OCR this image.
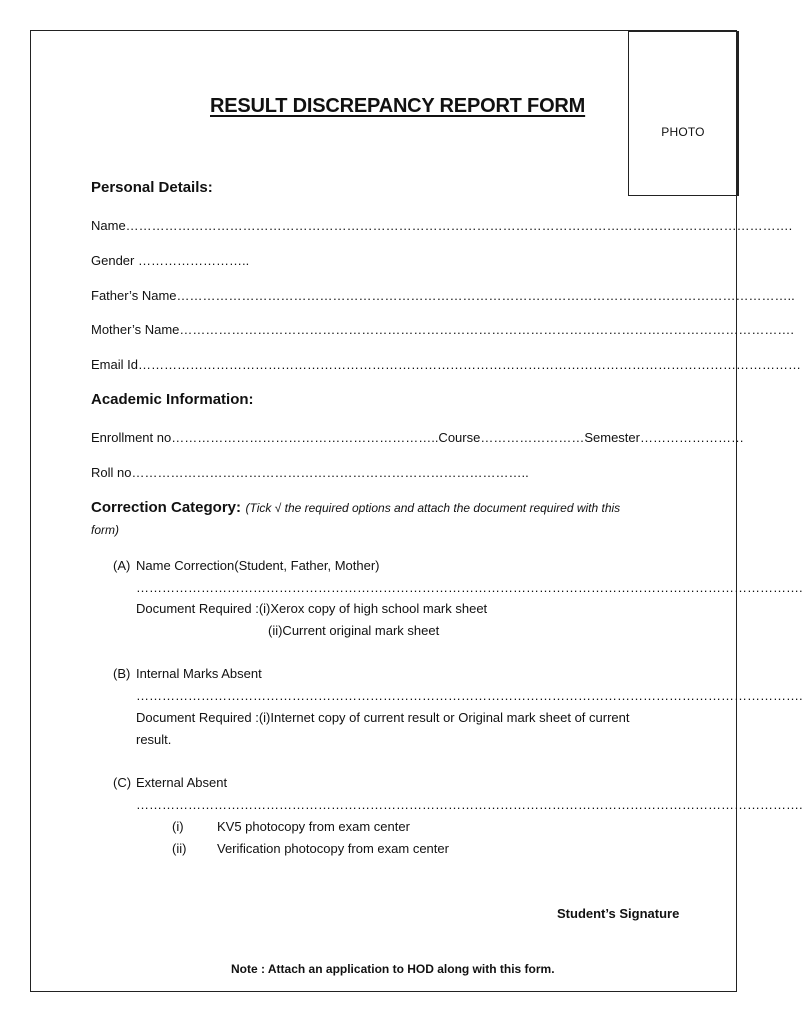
PHOTO
RESULT DISCREPANCY REPORT FORM
Personal Details:
Name……………………………………………………………………………………………………………………………………….
Gender ……………………..
Father’s Name……………………………………………………………………………………………………………………………..
Mother’s Name…………………………………………………………………………………………………………………………….
Email Id………………………………………………………………………………………………………………………………………
Academic Information:
Enrollment no……………………………………………………..Course……………………Semester……………………
Roll no………………………………………………………………………………..
Correction Category: (Tick √ the required options and attach the document required with this
form)
(A) Name Correction(Student, Father, Mother)
……………………………………………………………………………………………………………………………………….
Document Required :(i)Xerox copy of high school mark sheet
(ii)Current original mark sheet
(B) Internal Marks Absent
……………………………………………………………………………………………………………………………………….
Document Required :(i)Internet copy of current result or Original mark sheet of current
result.
(C) External Absent
……………………………………………………………………………………………………………………………………….
(i)	KV5 photocopy from exam center
(ii) Verification photocopy from exam center
Student’s Signature
Note : Attach an application to HOD along with this form.
